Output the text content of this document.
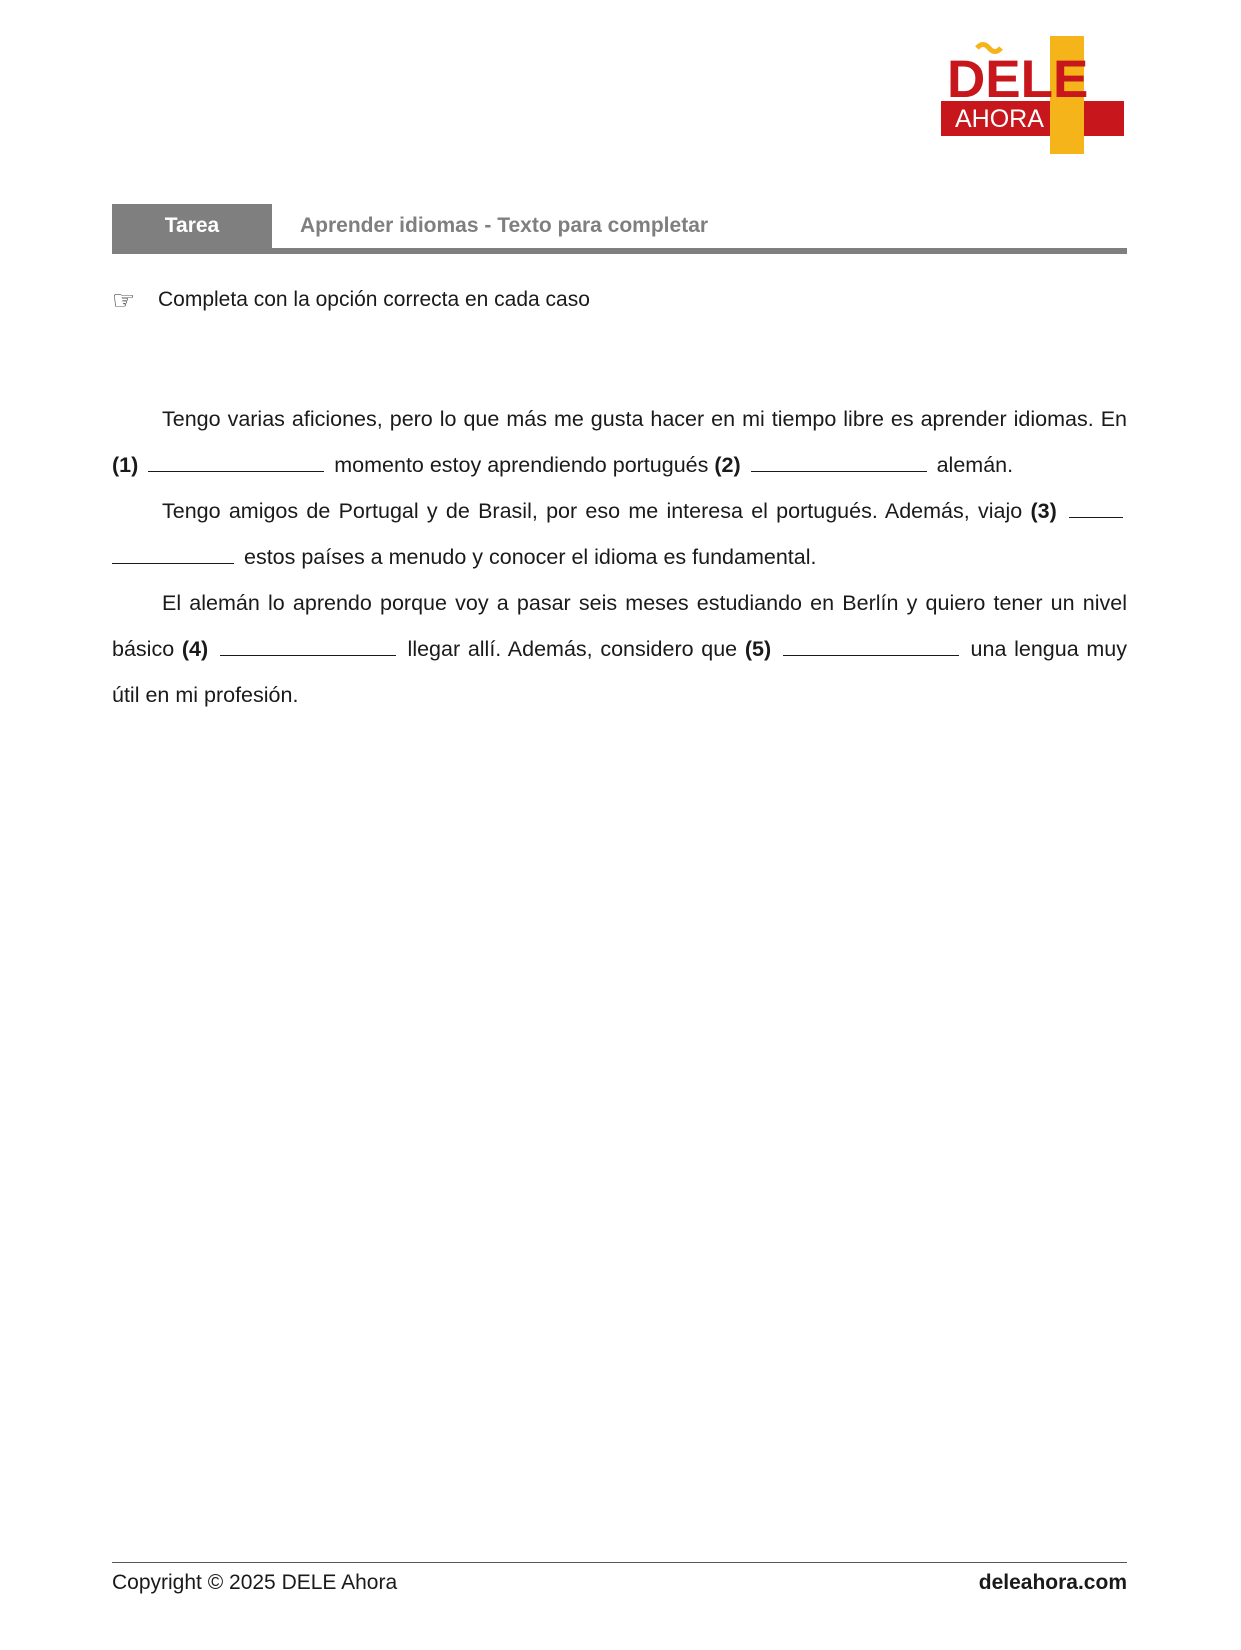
DELE
AHORA
Tarea	Aprender idiomas - Texto para completar
☞ Completa con la opción correcta en cada caso

Tengo varias aficiones, pero lo que más me gusta hacer en mi tiempo libre es aprender idiomas. En (1)	momento estoy aprendiendo portugués (2)	alemán.

Tengo amigos de Portugal y de Brasil, por eso me interesa el portugués. Además, viajo (3)  estos países a menudo y conocer el idioma es fundamental.

El alemán lo aprendo porque voy a pasar seis meses estudiando en Berlín y quiero tener un nivel básico (4)	llegar allí. Además, considero que (5)	una lengua muy útil en mi profesión.

Copyright © 2025 DELE Ahora	deleahora.com
